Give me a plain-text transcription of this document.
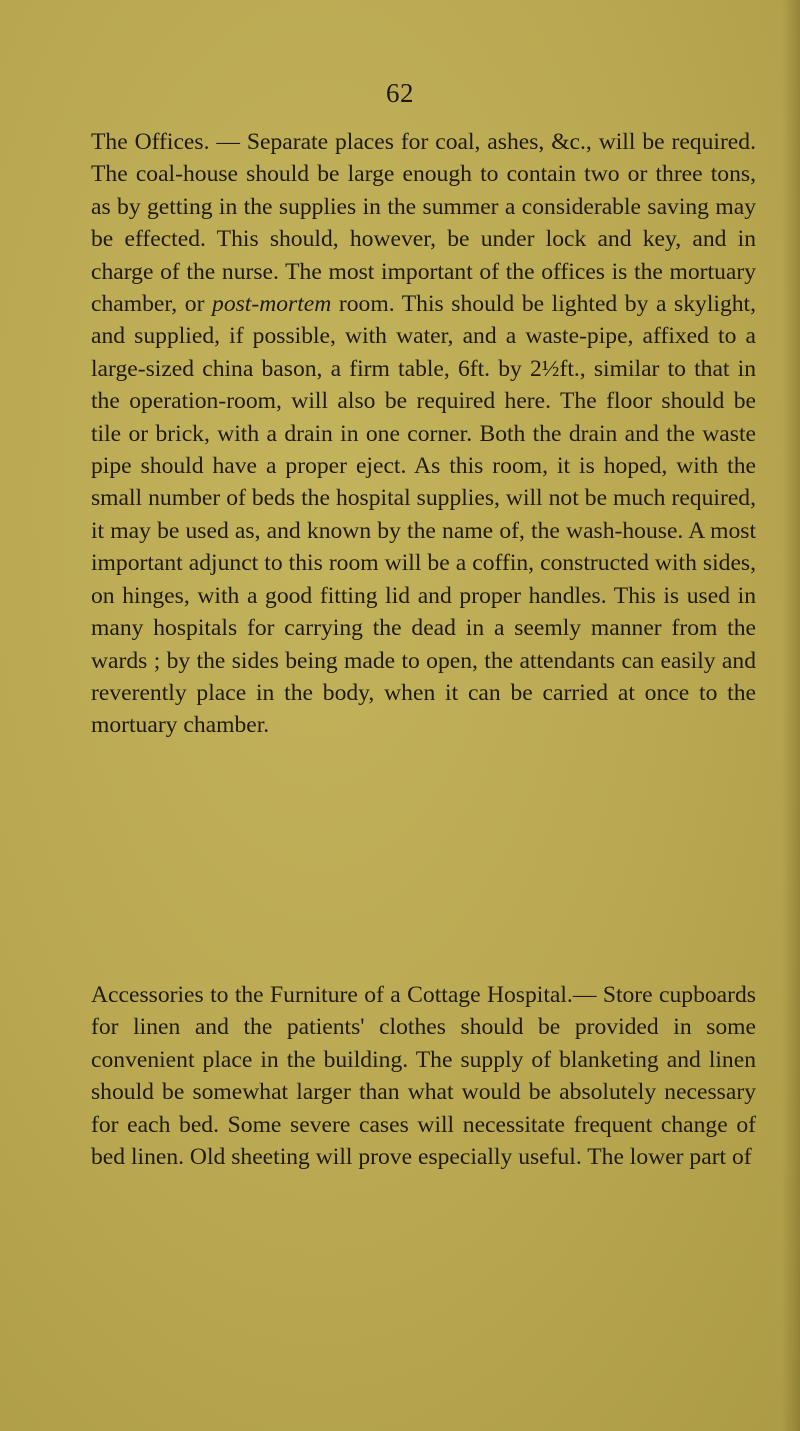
62

The Offices. — Separate places for coal, ashes, &c., will be required. The coal-house should be large enough to contain two or three tons, as by getting in the supplies in the summer a considerable saving may be effected. This should, however, be under lock and key, and in charge of the nurse. The most important of the offices is the mortuary chamber, or post-mortem room. This should be lighted by a skylight, and supplied, if possible, with water, and a waste-pipe, affixed to a large-sized china bason, a firm table, 6ft. by 2½ft., similar to that in the operation-room, will also be required here. The floor should be tile or brick, with a drain in one corner. Both the drain and the waste pipe should have a proper eject. As this room, it is hoped, with the small number of beds the hospital supplies, will not be much required, it may be used as, and known by the name of, the wash-house. A most important adjunct to this room will be a coffin, constructed with sides, on hinges, with a good fitting lid and proper handles. This is used in many hospitals for carrying the dead in a seemly manner from the wards ; by the sides being made to open, the attendants can easily and reverently place in the body, when it can be carried at once to the mortuary chamber.

Accessories to the Furniture of a Cottage Hospital.— Store cupboards for linen and the patients' clothes should be provided in some convenient place in the building. The supply of blanketing and linen should be somewhat larger than what would be absolutely necessary for each bed. Some severe cases will necessitate frequent change of bed linen. Old sheeting will prove especially useful. The lower part of
